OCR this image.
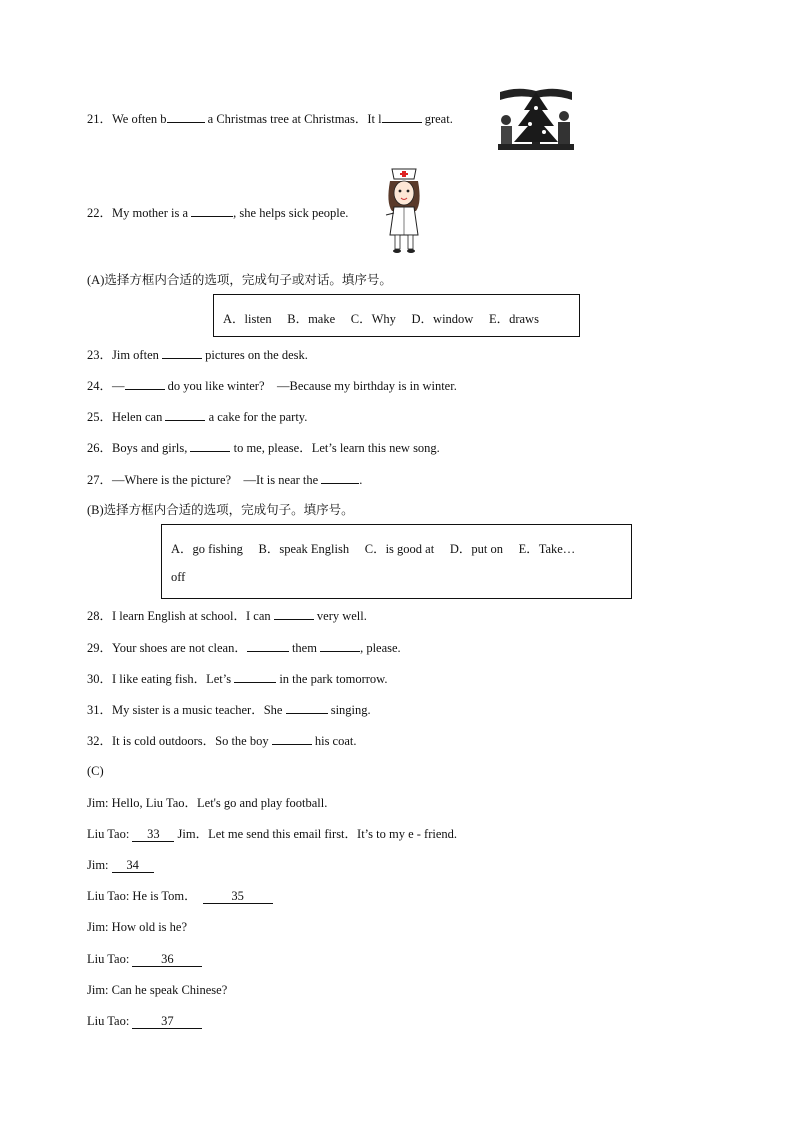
21．We often b	a Christmas tree at Christmas．It l	great.
22．My mother is a	, she helps sick people.
(A)选择方框内合适的选项，完成句子或对话。填序号。
A．listen　 B．make　 C．Why　 D．window　 E．draws
23．Jim often	pictures on the desk.
24．—	do you like winter?　—Because my birthday is in winter.
25．Helen can	a cake for the party.
26．Boys and girls,	to me, please．Let’s learn this new song.
27．—Where is the picture?　—It is near the	.
(B)选择方框内合适的选项，完成句子。填序号。
A．go fishing　 B．speak English　 C．is good at　 D．put on　 E．Take…
off
28．I learn English at school．I can	very well.
29．Your shoes are not clean．	them	, please.
30．I like eating fish．Let’s	in the park tomorrow.
31．My sister is a music teacher．She	singing.
32．It is cold outdoors．So the boy	his coat.
(C)
Jim: Hello, Liu Tao．Let's go and play football.
Liu Tao: 33 Jim．Let me send this email first．It’s to my e - friend.
Jim: 34
Liu Tao: He is Tom．	35
Jim: How old is he?
Liu Tao: 36
Jim: Can he speak Chinese?
Liu Tao: 37
